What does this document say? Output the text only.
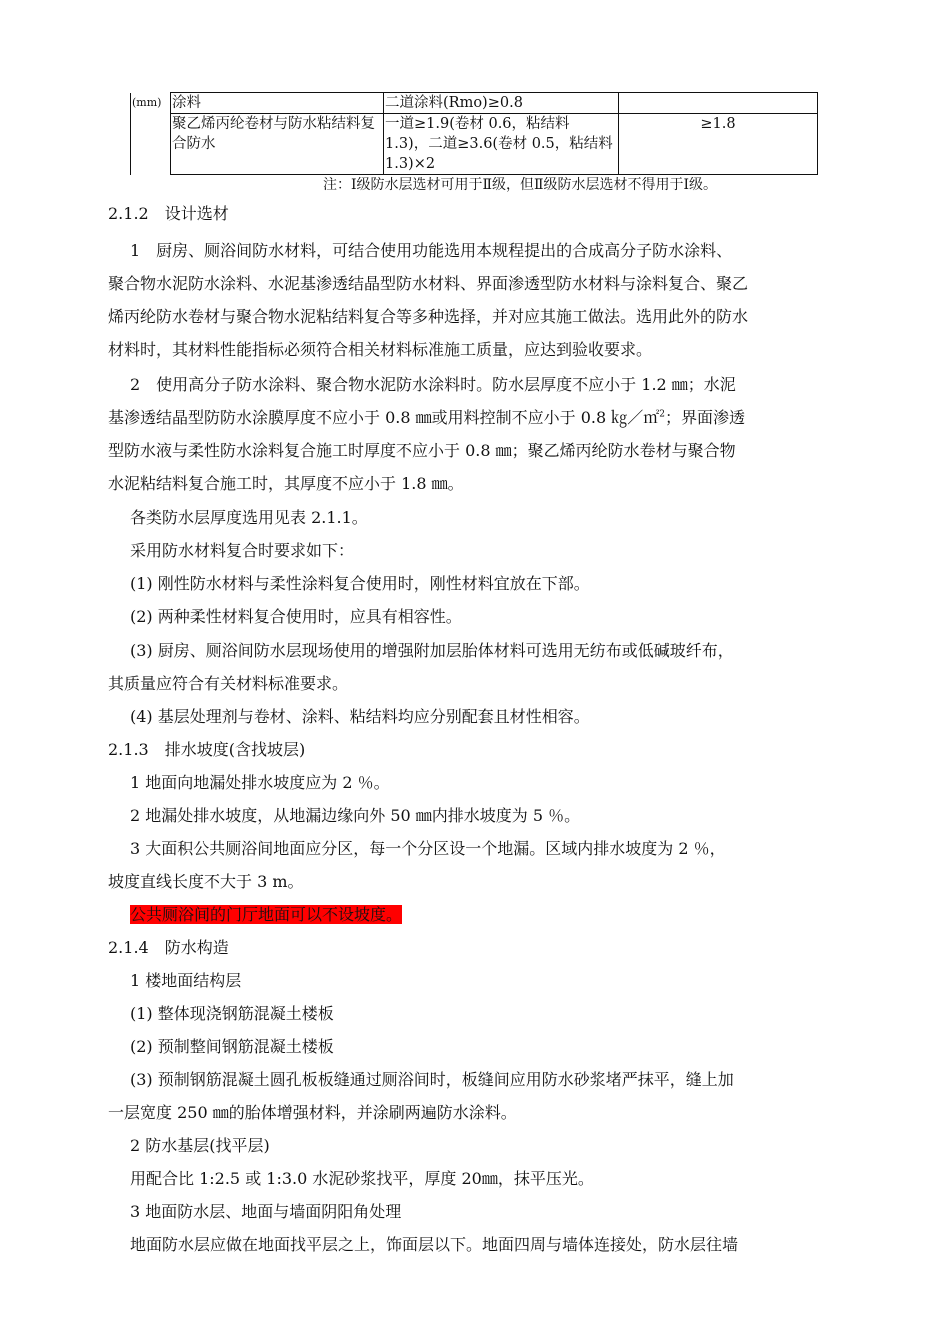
(mm)	涂料	二道涂料(Rmo)≥0.8	
	聚乙烯丙纶卷材与防水粘结料复合防水	一道≥1.9(卷材 0.6，粘结料 1.3)，二道≥3.6(卷材 0.5，粘结料 1.3)×2	≥1.8
注：Ⅰ级防水层选材可用于Ⅱ级，但Ⅱ级防水层选材不得用于Ⅰ级。
2.1.2　设计选材
1　厨房、厕浴间防水材料，可结合使用功能选用本规程提出的合成高分子防水涂料、
聚合物水泥防水涂料、水泥基渗透结晶型防水材料、界面渗透型防水材料与涂料复合、聚乙
烯丙纶防水卷材与聚合物水泥粘结料复合等多种选择，并对应其施工做法。选用此外的防水
材料时，其材料性能指标必须符合相关材料标准施工质量，应达到验收要求。
2　使用高分子防水涂料、聚合物水泥防水涂料时。防水层厚度不应小于 1.2 ㎜；水泥
基渗透结晶型防防水涂膜厚度不应小于 0.8 ㎜或用料控制不应小于 0.8 ㎏／㎡$^2$；界面渗透
型防水液与柔性防水涂料复合施工时厚度不应小于 0.8 ㎜；聚乙烯丙纶防水卷材与聚合物
水泥粘结料复合施工时，其厚度不应小于 1.8 ㎜。
各类防水层厚度选用见表 2.1.1。
采用防水材料复合时要求如下：
(1) 刚性防水材料与柔性涂料复合使用时，刚性材料宜放在下部。
(2) 两种柔性材料复合使用时，应具有相容性。
(3) 厨房、厕浴间防水层现场使用的增强附加层胎体材料可选用无纺布或低碱玻纤布，
其质量应符合有关材料标准要求。
(4) 基层处理剂与卷材、涂料、粘结料均应分别配套且材性相容。
2.1.3　排水坡度(含找坡层)
1 地面向地漏处排水坡度应为 2 ％。
2 地漏处排水坡度，从地漏边缘向外 50 ㎜内排水坡度为 5 ％。
3 大面积公共厕浴间地面应分区，每一个分区设一个地漏。区域内排水坡度为 2 ％，
坡度直线长度不大于 3 m。
公共厕浴间的门厅地面可以不设坡度。
2.1.4　防水构造
1 楼地面结构层
(1) 整体现浇钢筋混凝土楼板
(2) 预制整间钢筋混凝土楼板
(3) 预制钢筋混凝土圆孔板板缝通过厕浴间时，板缝间应用防水砂浆堵严抹平，缝上加
一层宽度 250 ㎜的胎体增强材料，并涂刷两遍防水涂料。
2 防水基层(找平层)
用配合比 1:2.5 或 1:3.0 水泥砂浆找平，厚度 20㎜，抹平压光。
3 地面防水层、地面与墙面阴阳角处理
地面防水层应做在地面找平层之上，饰面层以下。地面四周与墙体连接处，防水层往墙
